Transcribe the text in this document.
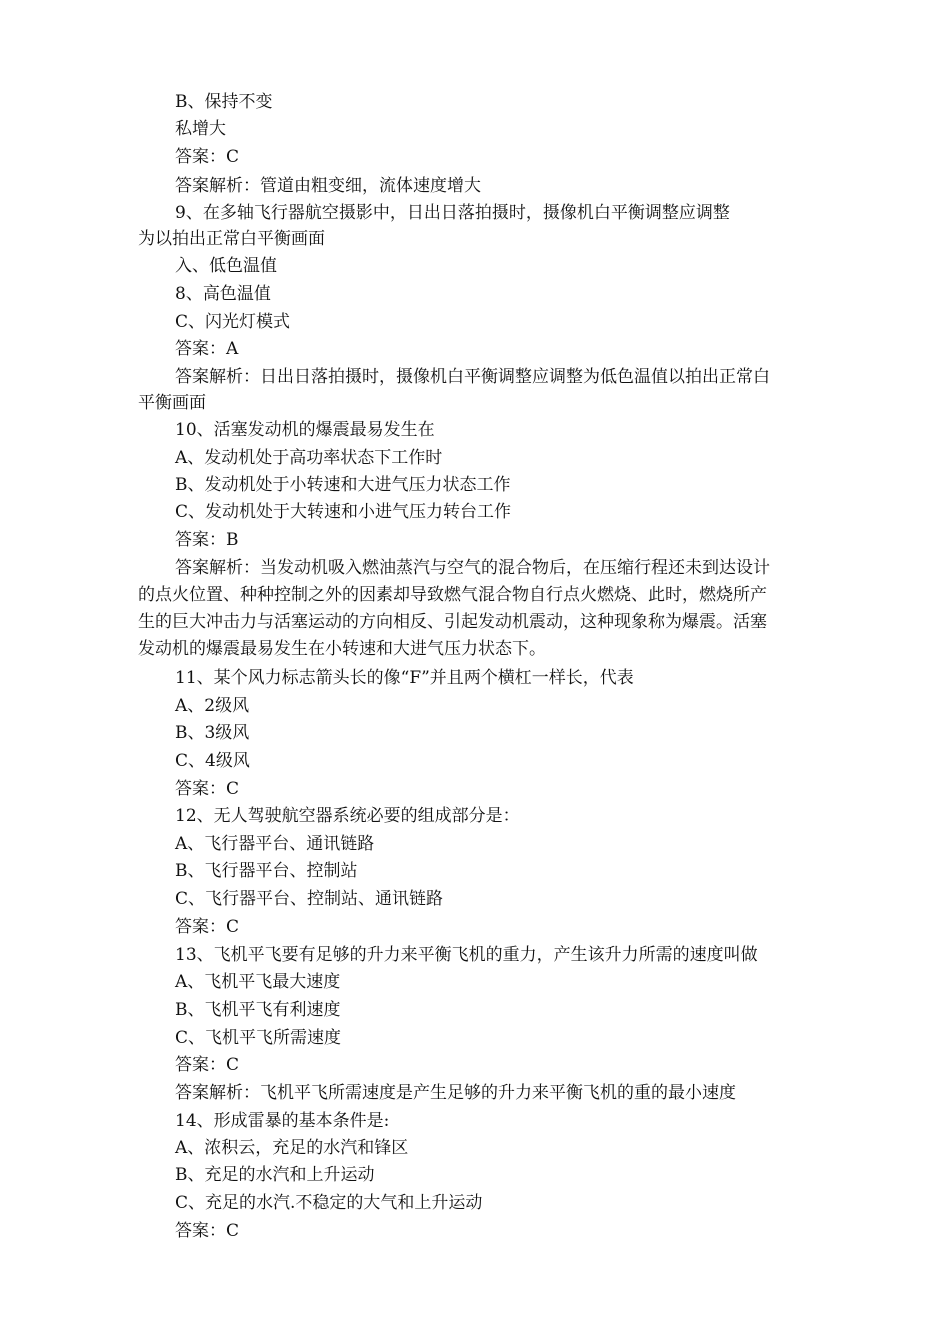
B、保持不变
私增大
答案：C
答案解析：管道由粗变细，流体速度增大
9、在多轴飞行器航空摄影中，日出日落拍摄时，摄像机白平衡调整应调整
为以拍出正常白平衡画面
入、低色温值
8、高色温值
C、闪光灯模式
答案：A
答案解析：日出日落拍摄时，摄像机白平衡调整应调整为低色温值以拍出正常白
平衡画面
10、活塞发动机的爆震最易发生在
A、发动机处于高功率状态下工作时
B、发动机处于小转速和大进气压力状态工作
C、发动机处于大转速和小进气压力转台工作
答案：B
答案解析：当发动机吸入燃油蒸汽与空气的混合物后，在压缩行程还未到达设计
的点火位置、种种控制之外的因素却导致燃气混合物自行点火燃烧、此时，燃烧所产
生的巨大冲击力与活塞运动的方向相反、引起发动机震动，这种现象称为爆震。活塞
发动机的爆震最易发生在小转速和大进气压力状态下。
11、某个风力标志箭头长的像“F”并且两个横杠一样长，代表
A、2级风
B、3级风
C、4级风
答案：C
12、无人驾驶航空器系统必要的组成部分是：
A、飞行器平台、通讯链路
B、飞行器平台、控制站
C、飞行器平台、控制站、通讯链路
答案：C
13、飞机平飞要有足够的升力来平衡飞机的重力，产生该升力所需的速度叫做
A、飞机平飞最大速度
B、飞机平飞有利速度
C、飞机平飞所需速度
答案：C
答案解析：飞机平飞所需速度是产生足够的升力来平衡飞机的重的最小速度
14、形成雷暴的基本条件是:
A、浓积云，充足的水汽和锋区
B、充足的水汽和上升运动
C、充足的水汽.不稳定的大气和上升运动
答案：C
